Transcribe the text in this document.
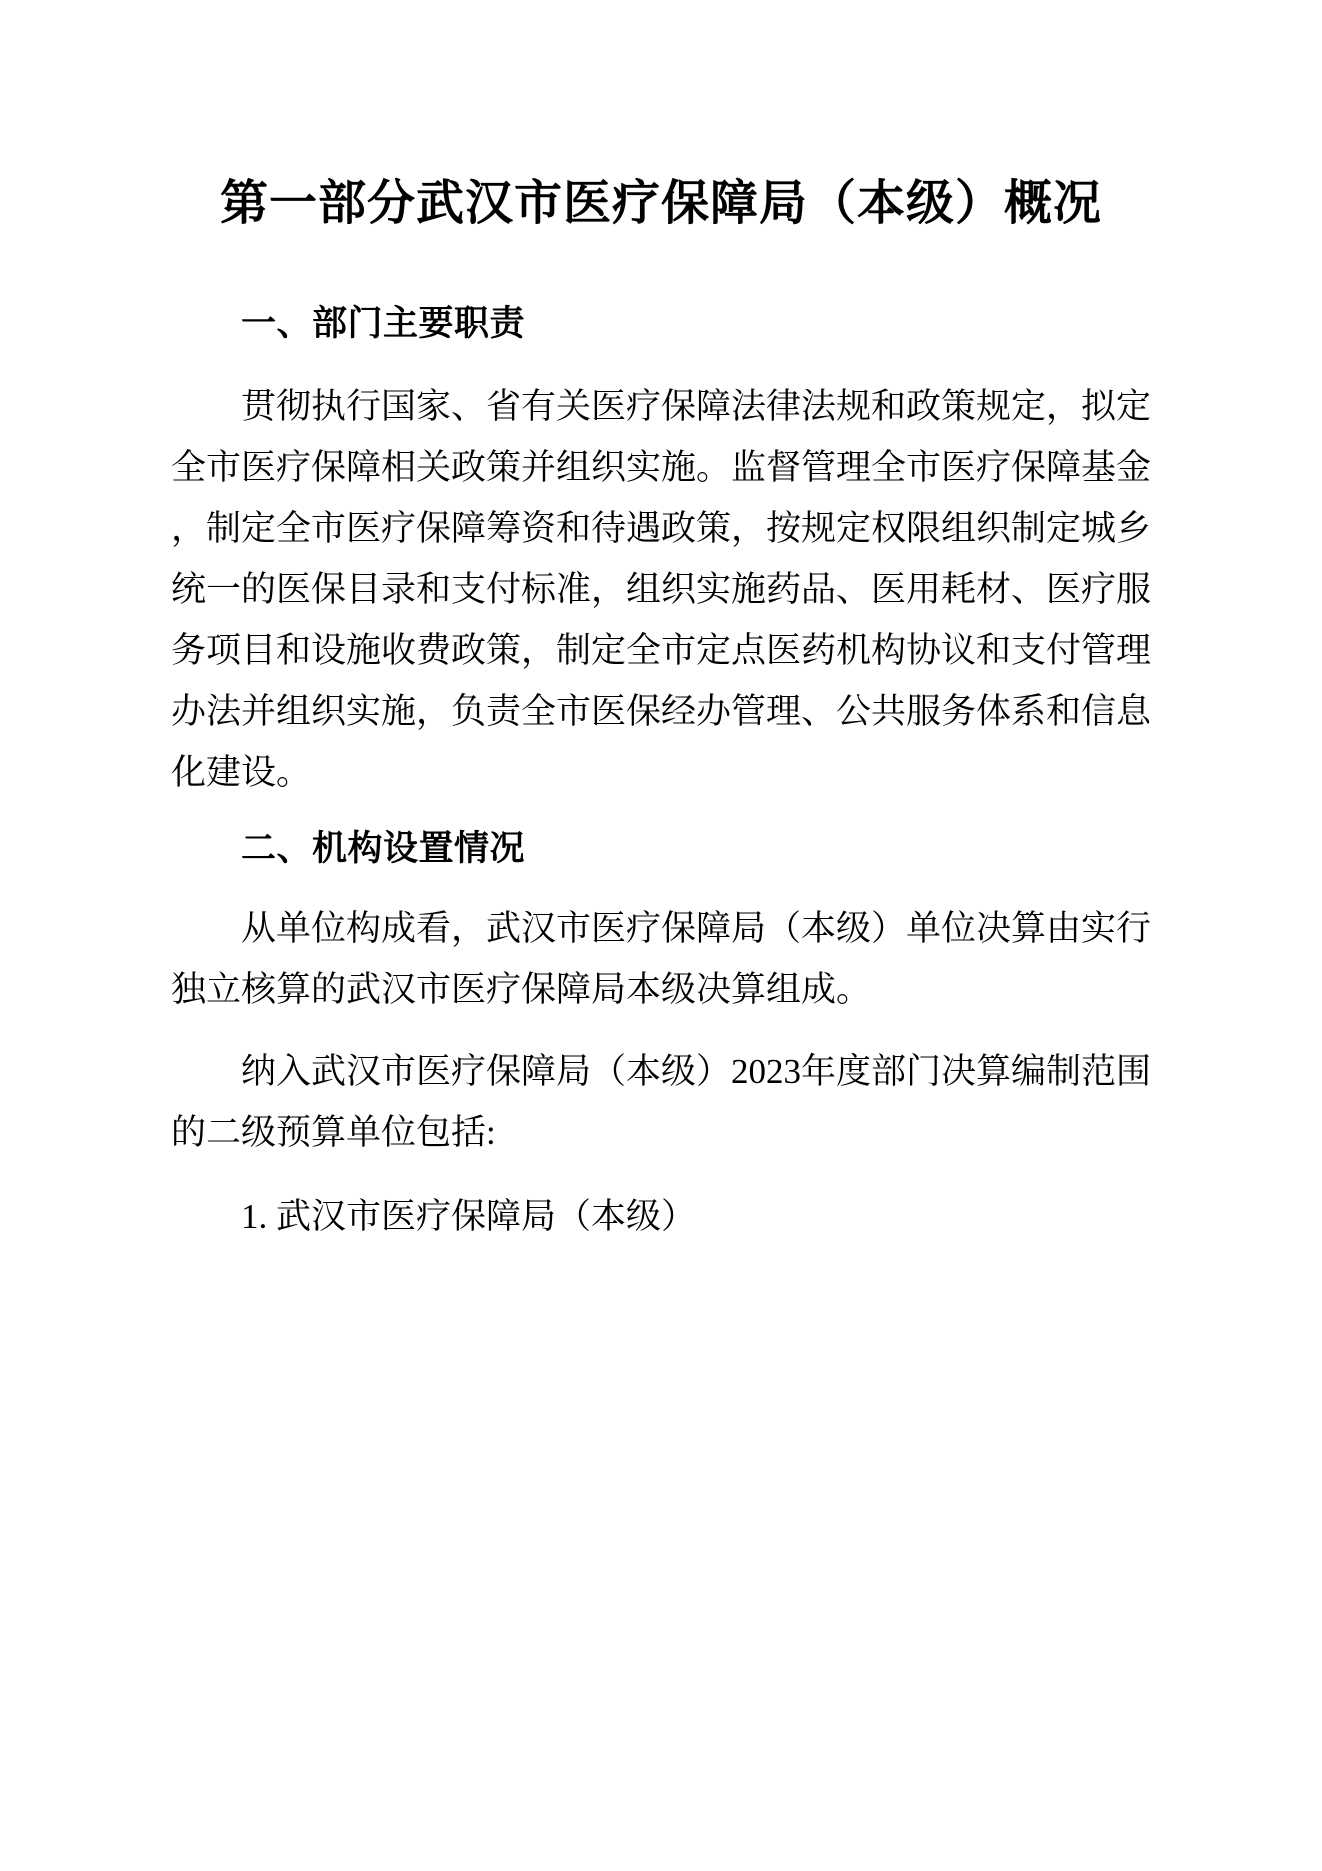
第一部分武汉市医疗保障局（本级）概况
一、部门主要职责

贯彻执行国家、省有关医疗保障法律法规和政策规定，拟定全市医疗保障相关政策并组织实施。监督管理全市医疗保障基金，制定全市医疗保障筹资和待遇政策，按规定权限组织制定城乡统一的医保目录和支付标准，组织实施药品、医用耗材、医疗服务项目和设施收费政策，制定全市定点医药机构协议和支付管理办法并组织实施，负责全市医保经办管理、公共服务体系和信息化建设。

二、机构设置情况

从单位构成看，武汉市医疗保障局（本级）单位决算由实行独立核算的武汉市医疗保障局本级决算组成。

纳入武汉市医疗保障局（本级）2023年度部门决算编制范围的二级预算单位包括:

1. 武汉市医疗保障局（本级）
